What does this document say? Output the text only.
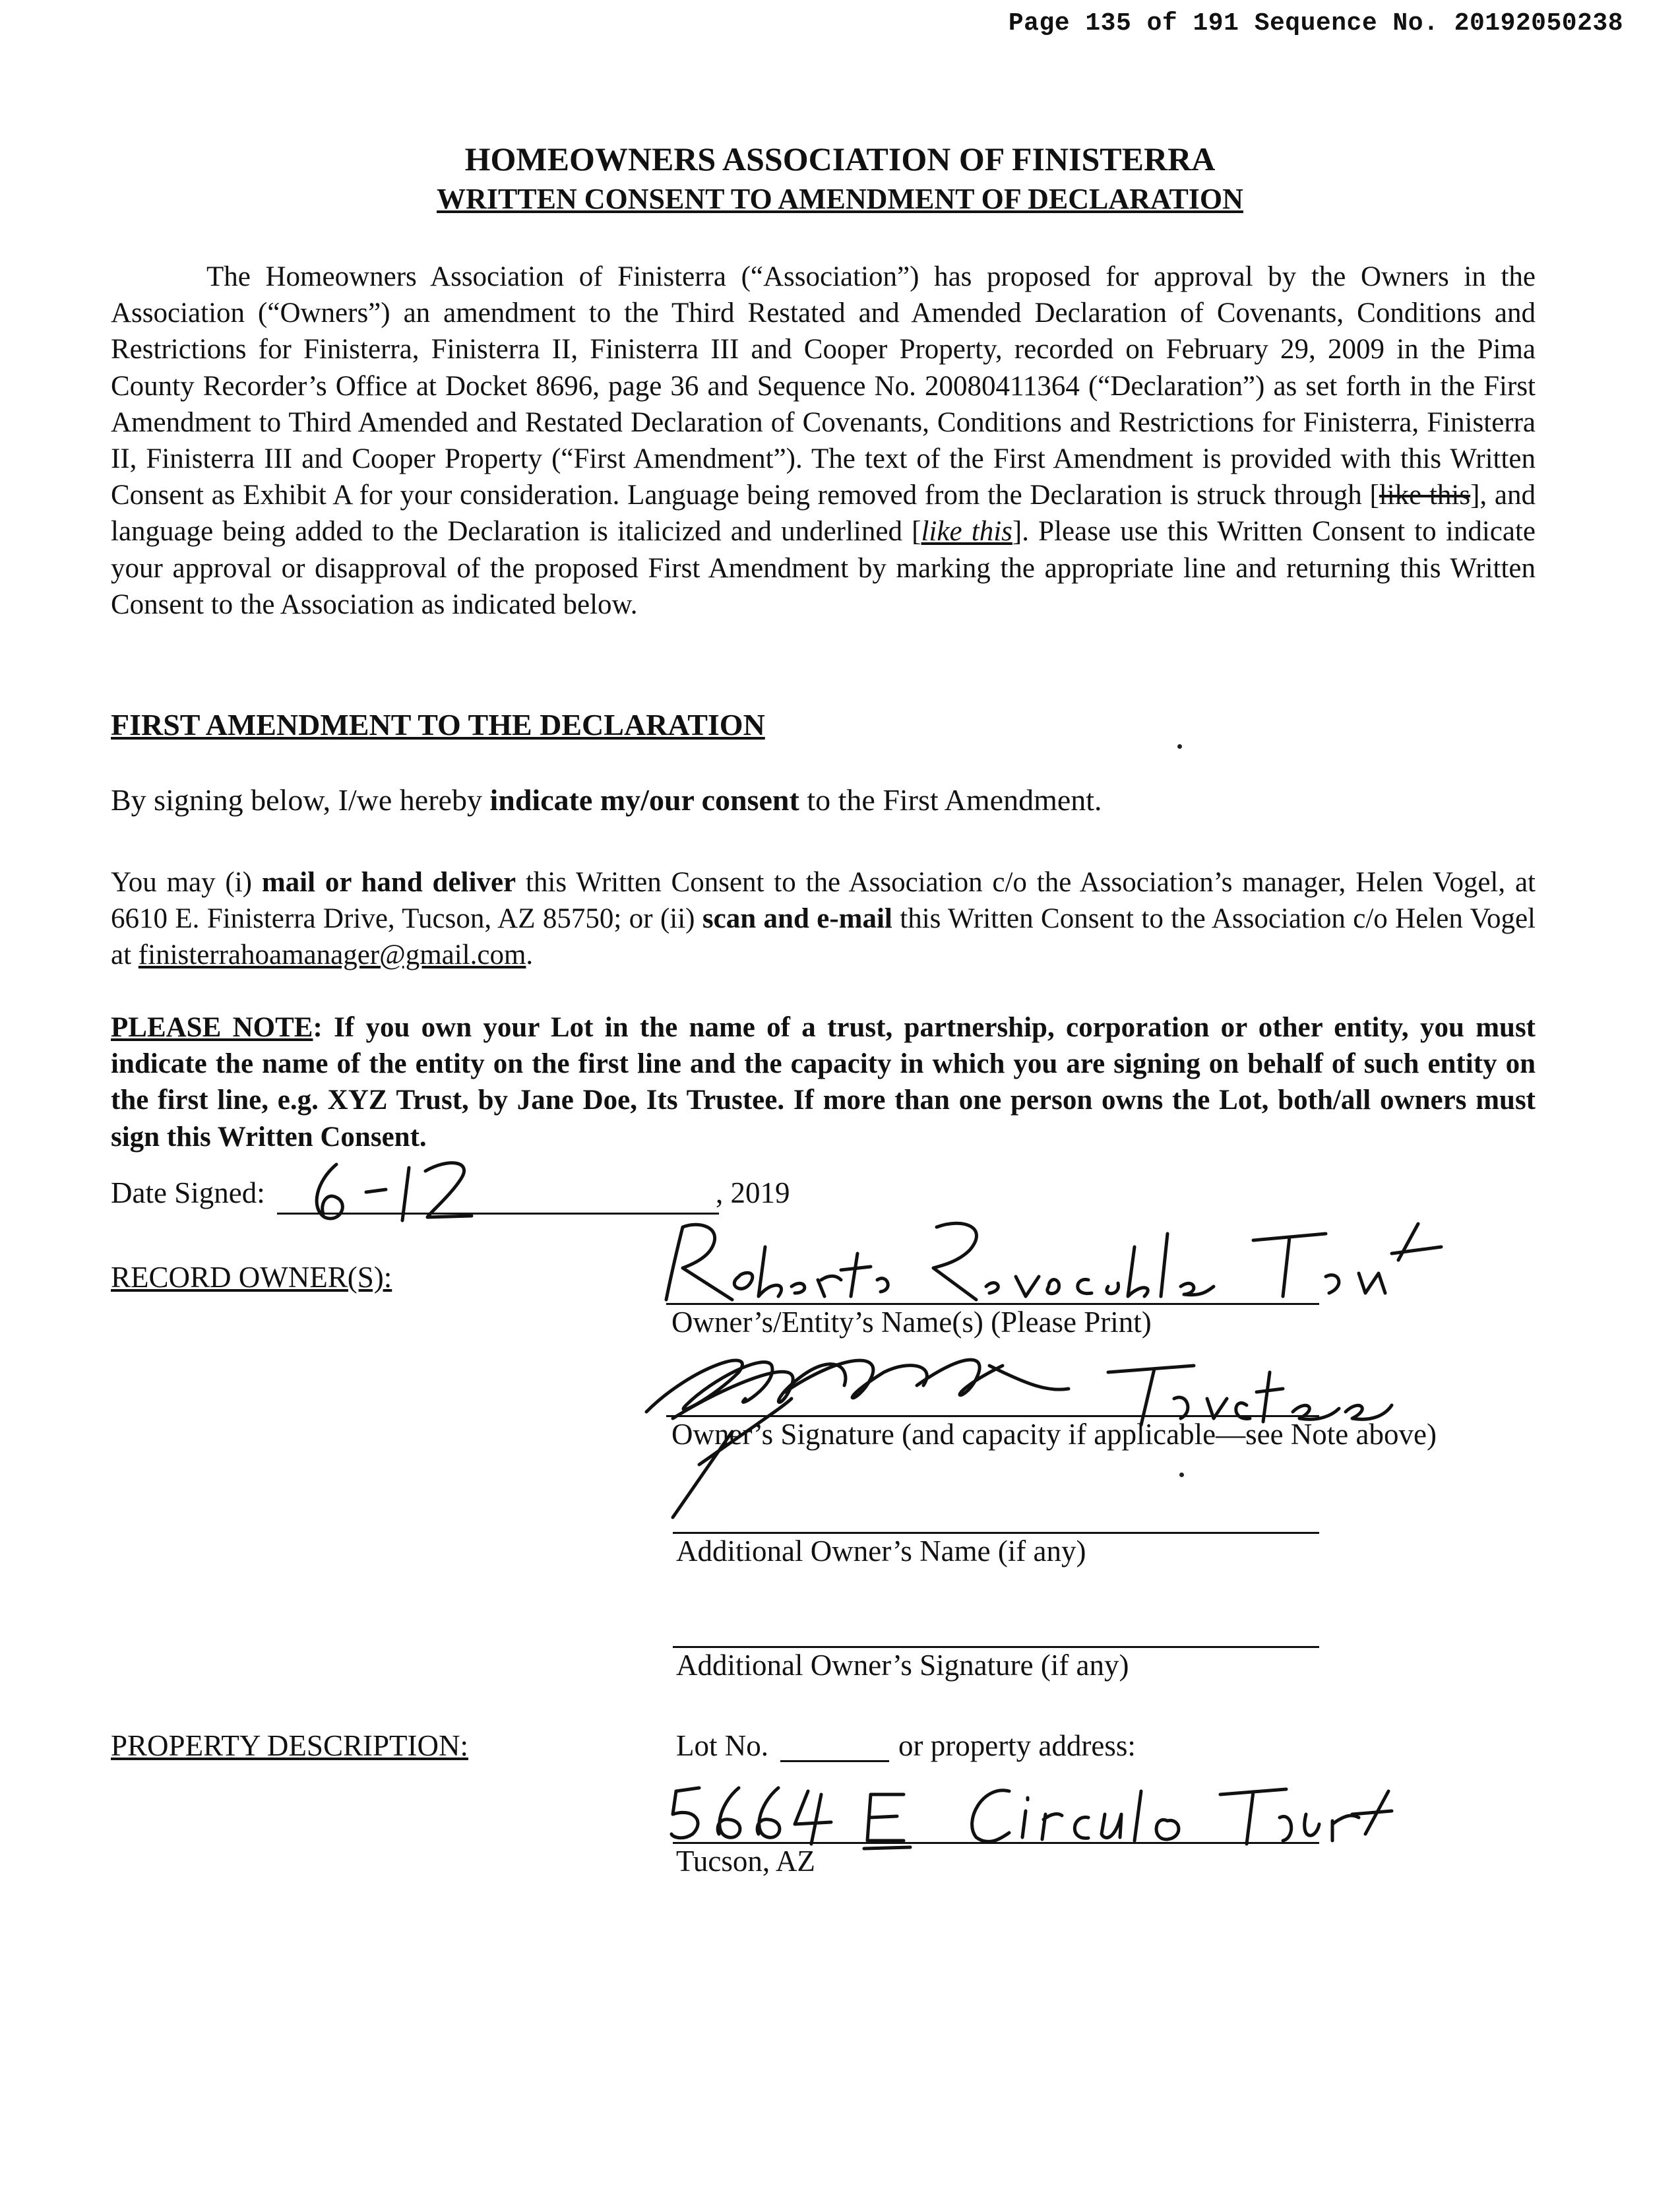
Page 135 of 191 Sequence No. 20192050238
HOMEOWNERS ASSOCIATION OF FINISTERRA
WRITTEN CONSENT TO AMENDMENT OF DECLARATION
The Homeowners Association of Finisterra (“Association”) has proposed for approval by the Owners in the Association (“Owners”) an amendment to the Third Restated and Amended Declaration of Covenants, Conditions and Restrictions for Finisterra, Finisterra II, Finisterra III and Cooper Property, recorded on February 29, 2009 in the Pima County Recorder’s Office at Docket 8696, page 36 and Sequence No. 20080411364 (“Declaration”) as set forth in the First Amendment to Third Amended and Restated Declaration of Covenants, Conditions and Restrictions for Finisterra, Finisterra II, Finisterra III and Cooper Property (“First Amendment”). The text of the First Amendment is provided with this Written Consent as Exhibit A for your consideration. Language being removed from the Declaration is struck through [like this], and language being added to the Declaration is italicized and underlined [like this]. Please use this Written Consent to indicate your approval or disapproval of the proposed First Amendment by marking the appropriate line and returning this Written Consent to the Association as indicated below.
FIRST AMENDMENT TO THE DECLARATION
By signing below, I/we hereby indicate my/our consent to the First Amendment.
You may (i) mail or hand deliver this Written Consent to the Association c/o the Association’s manager, Helen Vogel, at 6610 E. Finisterra Drive, Tucson, AZ 85750; or (ii) scan and e-mail this Written Consent to the Association c/o Helen Vogel at finisterrahoamanager@gmail.com.
PLEASE NOTE: If you own your Lot in the name of a trust, partnership, corporation or other entity, you must indicate the name of the entity on the first line and the capacity in which you are signing on behalf of such entity on the first line, e.g. XYZ Trust, by Jane Doe, Its Trustee. If more than one person owns the Lot, both/all owners must sign this Written Consent.
Date Signed:	, 2019
RECORD OWNER(S):
Owner’s/Entity’s Name(s) (Please Print)
Owner’s Signature (and capacity if applicable—see Note above)
Additional Owner’s Name (if any)
Additional Owner’s Signature (if any)
PROPERTY DESCRIPTION:	Lot No.	or property address:
Tucson, AZ
